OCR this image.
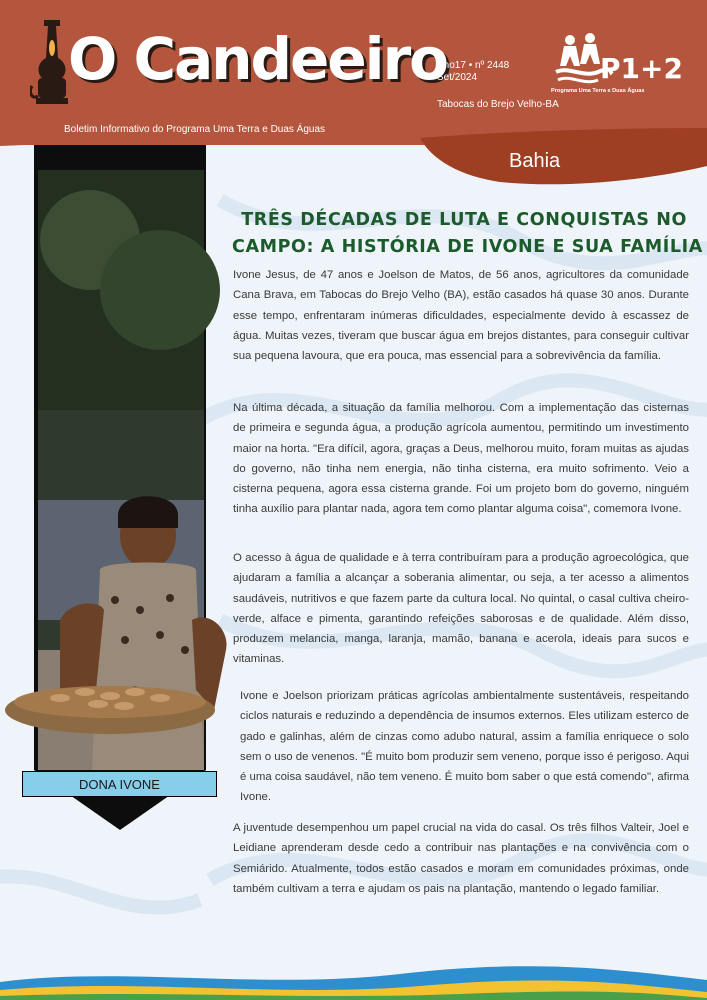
O Candeeiro
Boletim Informativo do Programa Uma Terra e Duas Águas
Ano17 • nº 2448
Set/2024
Tabocas do Brejo Velho-BA
P1+2
Programa Uma Terra e Duas Águas
Bahia
DONA IVONE
TRÊS DÉCADAS DE LUTA E CONQUISTAS NO
CAMPO: A HISTÓRIA DE IVONE E SUA FAMÍLIA
Ivone Jesus, de 47 anos e Joelson de Matos, de 56 anos, agricultores da comunidade Cana Brava, em Tabocas do Brejo Velho (BA), estão casados há quase 30 anos. Durante esse tempo, enfrentaram inúmeras dificuldades, especialmente devido à escassez de água. Muitas vezes, tiveram que buscar água em brejos distantes, para conseguir cultivar sua pequena lavoura, que era pouca, mas essencial para a sobrevivência da família.
Na última década, a situação da família melhorou. Com a implementação das cisternas de primeira e segunda água, a produção agrícola aumentou, permitindo um investimento maior na horta. "Era difícil, agora, graças a Deus, melhorou muito, foram muitas as ajudas do governo, não tinha nem energia, não tinha cisterna, era muito sofrimento. Veio a cisterna pequena, agora essa cisterna grande. Foi um projeto bom do governo, ninguém tinha auxílio para plantar nada, agora tem como plantar alguma coisa", comemora Ivone.
O acesso à água de qualidade e à terra contribuíram para a produção agroecológica, que ajudaram a família a alcançar a soberania alimentar, ou seja, a ter acesso a alimentos saudáveis, nutritivos e que fazem parte da cultura local. No quintal, o casal cultiva cheiro-verde, alface e pimenta, garantindo refeições saborosas e de qualidade. Além disso, produzem melancia, manga, laranja, mamão, banana e acerola, ideais para sucos e vitaminas.
Ivone e Joelson priorizam práticas agrícolas ambientalmente sustentáveis, respeitando ciclos naturais e reduzindo a dependência de insumos externos. Eles utilizam esterco de gado e galinhas, além de cinzas como adubo natural, assim a família enriquece o solo sem o uso de venenos. "É muito bom produzir sem veneno, porque isso é perigoso. Aqui é uma coisa saudável, não tem veneno. É muito bom saber o que está comendo", afirma Ivone.
A juventude desempenhou um papel crucial na vida do casal. Os três filhos Valteir, Joel e Leidiane aprenderam desde cedo a contribuir nas plantações e na convivência com o Semiárido. Atualmente, todos estão casados e moram em comunidades próximas, onde também cultivam a terra e ajudam os pais na plantação, mantendo o legado familiar.
